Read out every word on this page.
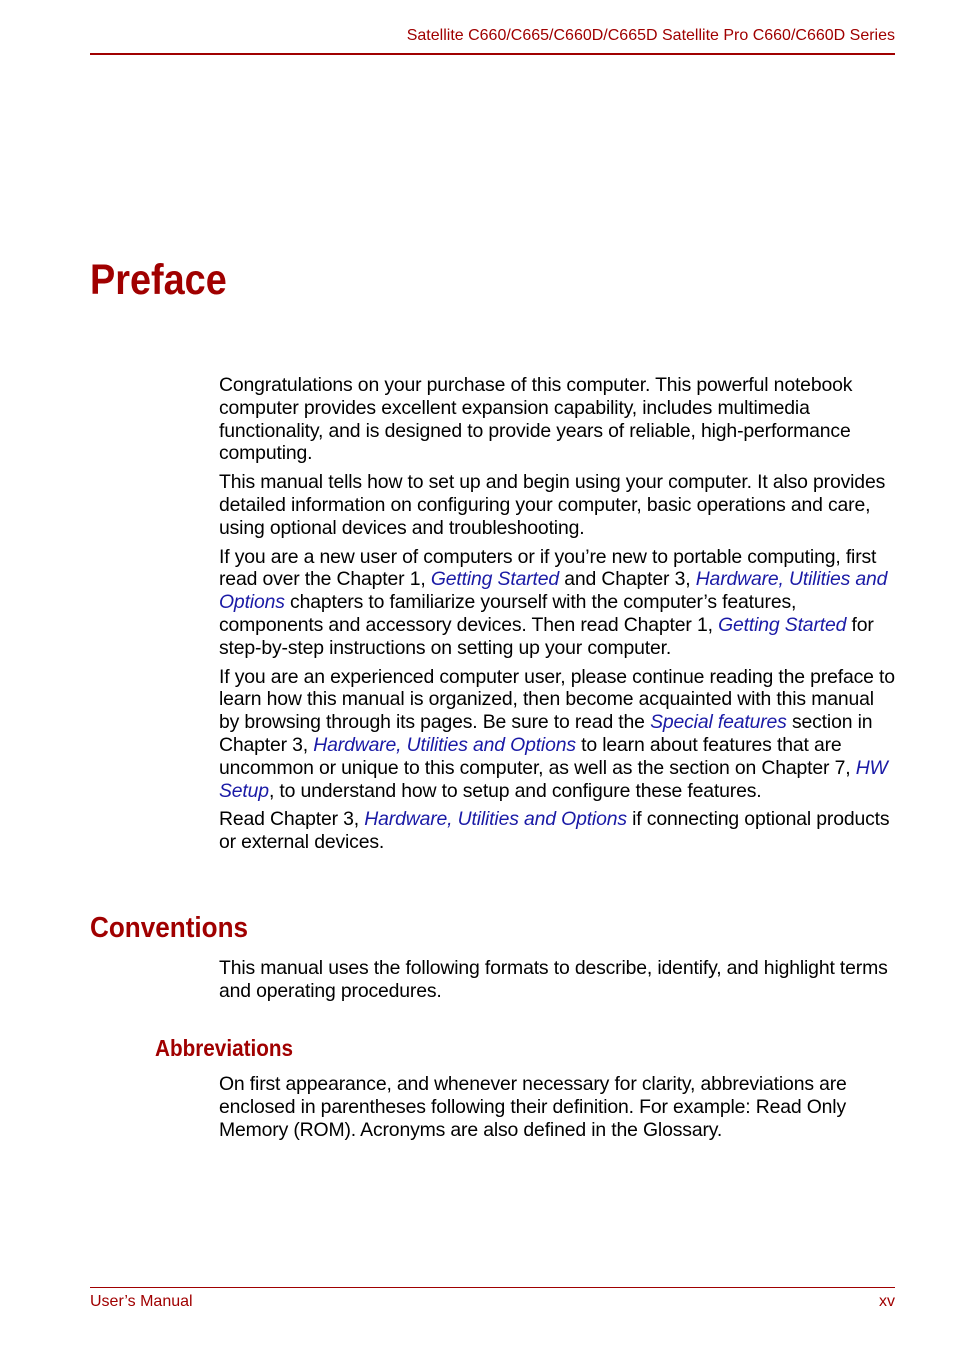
Satellite C660/C665/C660D/C665D Satellite Pro C660/C660D Series
Preface

Congratulations on your purchase of this computer. This powerful notebook computer provides excellent expansion capability, includes multimedia functionality, and is designed to provide years of reliable, high-performance computing.

This manual tells how to set up and begin using your computer. It also provides detailed information on configuring your computer, basic operations and care, using optional devices and troubleshooting.

If you are a new user of computers or if you’re new to portable computing, first read over the Chapter 1, Getting Started and Chapter 3, Hardware, Utilities and Options chapters to familiarize yourself with the computer’s features, components and accessory devices. Then read Chapter 1, Getting Started for step-by-step instructions on setting up your computer.

If you are an experienced computer user, please continue reading the preface to learn how this manual is organized, then become acquainted with this manual by browsing through its pages. Be sure to read the Special features section in Chapter 3, Hardware, Utilities and Options to learn about features that are uncommon or unique to this computer, as well as the section on Chapter 7, HW Setup, to understand how to setup and configure these features.

Read Chapter 3, Hardware, Utilities and Options if connecting optional products or external devices.

Conventions

This manual uses the following formats to describe, identify, and highlight terms and operating procedures.

Abbreviations

On first appearance, and whenever necessary for clarity, abbreviations are enclosed in parentheses following their definition. For example: Read Only Memory (ROM). Acronyms are also defined in the Glossary.

User’s Manual	xv
